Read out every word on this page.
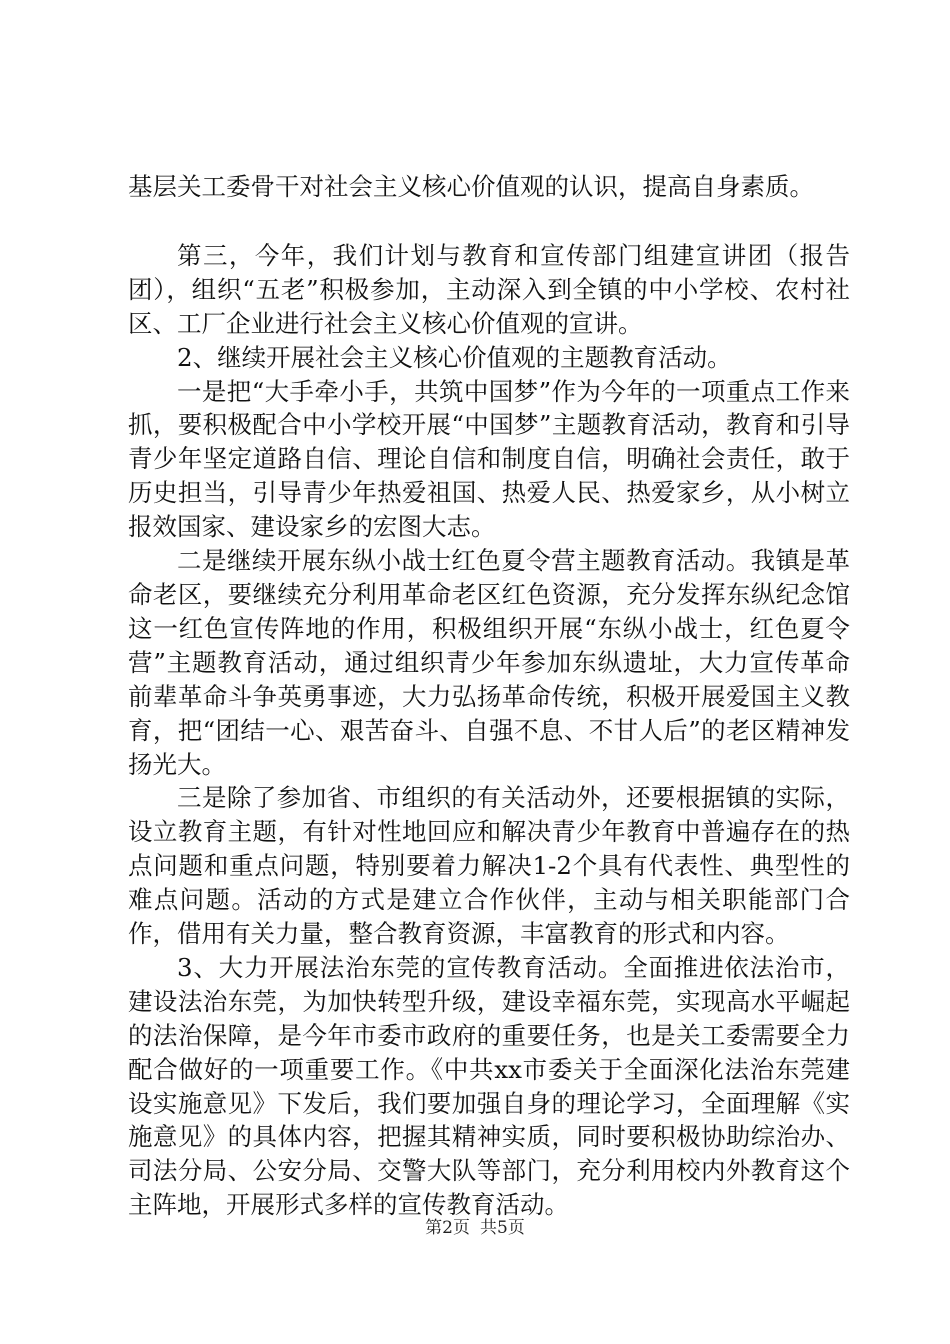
基层关工委骨干对社会主义核心价值观的认识，提高自身素质。

第三，今年，我们计划与教育和宣传部门组建宣讲团（报告团），组织“五老”积极参加，主动深入到全镇的中小学校、农村社区、工厂企业进行社会主义核心价值观的宣讲。

2、继续开展社会主义核心价值观的主题教育活动。

一是把“大手牵小手，共筑中国梦”作为今年的一项重点工作来抓，要积极配合中小学校开展“中国梦”主题教育活动，教育和引导青少年坚定道路自信、理论自信和制度自信，明确社会责任，敢于历史担当，引导青少年热爱祖国、热爱人民、热爱家乡，从小树立报效国家、建设家乡的宏图大志。

二是继续开展东纵小战士红色夏令营主题教育活动。我镇是革命老区，要继续充分利用革命老区红色资源，充分发挥东纵纪念馆这一红色宣传阵地的作用，积极组织开展“东纵小战士，红色夏令营”主题教育活动，通过组织青少年参加东纵遗址，大力宣传革命前辈革命斗争英勇事迹，大力弘扬革命传统，积极开展爱国主义教育，把“团结一心、艰苦奋斗、自强不息、不甘人后”的老区精神发扬光大。

三是除了参加省、市组织的有关活动外，还要根据镇的实际，设立教育主题，有针对性地回应和解决青少年教育中普遍存在的热点问题和重点问题，特别要着力解决1-2个具有代表性、典型性的难点问题。活动的方式是建立合作伙伴，主动与相关职能部门合作，借用有关力量，整合教育资源，丰富教育的形式和内容。

3、大力开展法治东莞的宣传教育活动。全面推进依法治市，建设法治东莞，为加快转型升级，建设幸福东莞，实现高水平崛起的法治保障，是今年市委市政府的重要任务，也是关工委需要全力配合做好的一项重要工作。《中共xx市委关于全面深化法治东莞建设实施意见》下发后，我们要加强自身的理论学习，全面理解《实施意见》的具体内容，把握其精神实质，同时要积极协助综治办、司法分局、公安分局、交警大队等部门，充分利用校内外教育这个主阵地，开展形式多样的宣传教育活动。

第2页 共5页
